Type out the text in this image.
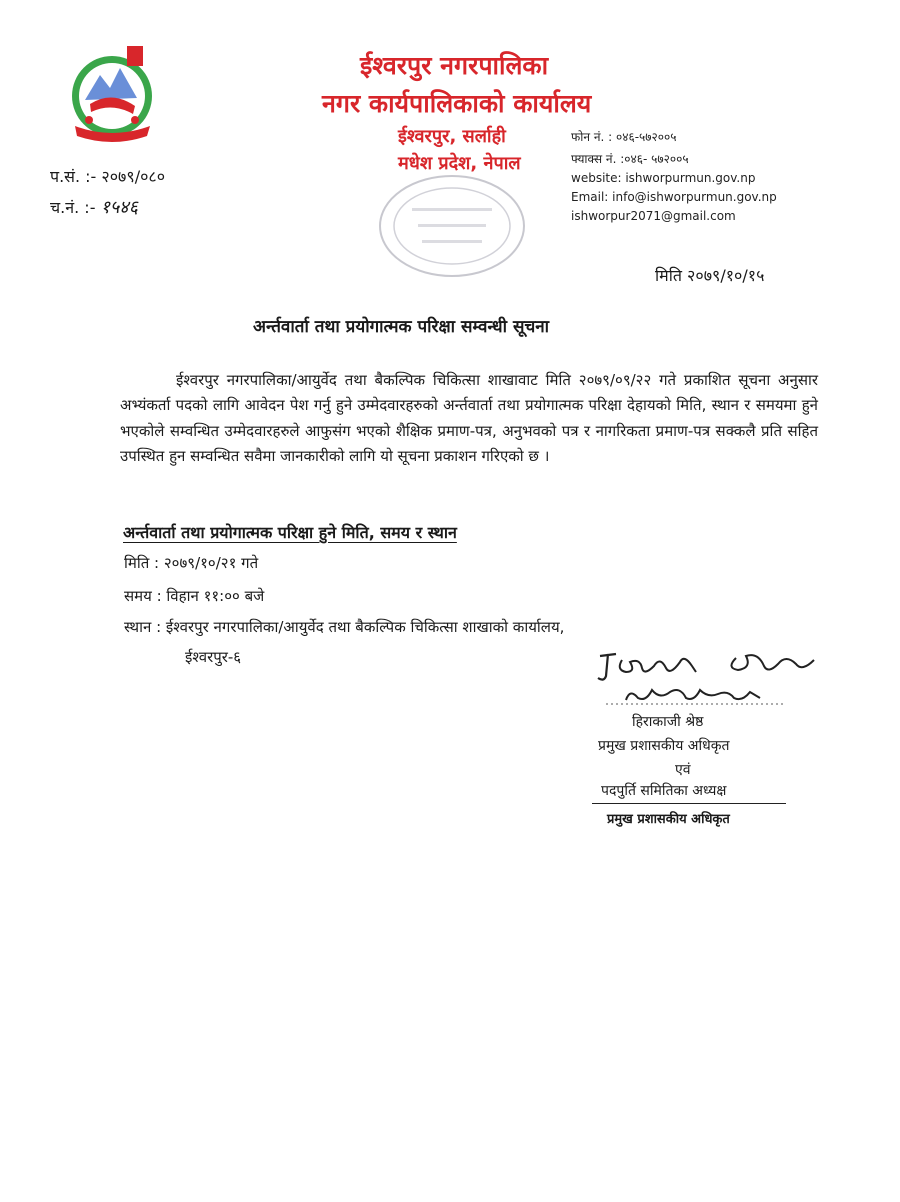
ईश्वरपुर नगरपालिका
नगर कार्यपालिकाको कार्यालय
ईश्वरपुर, सर्लाही
मधेश प्रदेश, नेपाल
फोन नं. : ०४६-५७२००५
फ्याक्स नं. :०४६- ५७२००५
website: ishworpurmun.gov.np
Email: info@ishworpurmun.gov.np
ishworpur2071@gmail.com
प.सं. :- २०७९/०८०
च.नं. :- १५४६
मिति २०७९/१०/१५
अर्न्तवार्ता तथा प्रयोगात्मक परिक्षा सम्वन्धी सूचना

ईश्वरपुर नगरपालिका/आयुर्वेद तथा बैकल्पिक चिकित्सा शाखावाट मिति २०७९/०९/२२ गते प्रकाशित सूचना अनुसार अभ्यंकर्ता पदको लागि आवेदन पेश गर्नु हुने उम्मेदवारहरुको अर्न्तवार्ता तथा प्रयोगात्मक परिक्षा देहायको मिति, स्थान र समयमा हुने भएकोले सम्वन्धित उम्मेदवारहरुले आफुसंग भएको शैक्षिक प्रमाण-पत्र, अनुभवको पत्र र नागरिकता प्रमाण-पत्र सक्कलै प्रति सहित उपस्थित हुन सम्वन्धित सवैमा जानकारीको लागि यो सूचना प्रकाशन गरिएको छ ।

अर्न्तवार्ता तथा प्रयोगात्मक परिक्षा हुने मिति, समय र स्थान
मिति : २०७९/१०/२१ गते
समय : विहान ११:०० बजे
स्थान : ईश्वरपुर नगरपालिका/आयुर्वेद तथा बैकल्पिक चिकित्सा शाखाको कार्यालय,
ईश्वरपुर-६
हिराकाजी श्रेष्ठ
प्रमुख प्रशासकीय अधिकृत
एवं
पदपुर्ति समितिका अध्यक्ष
प्रमुख प्रशासकीय अधिकृत
